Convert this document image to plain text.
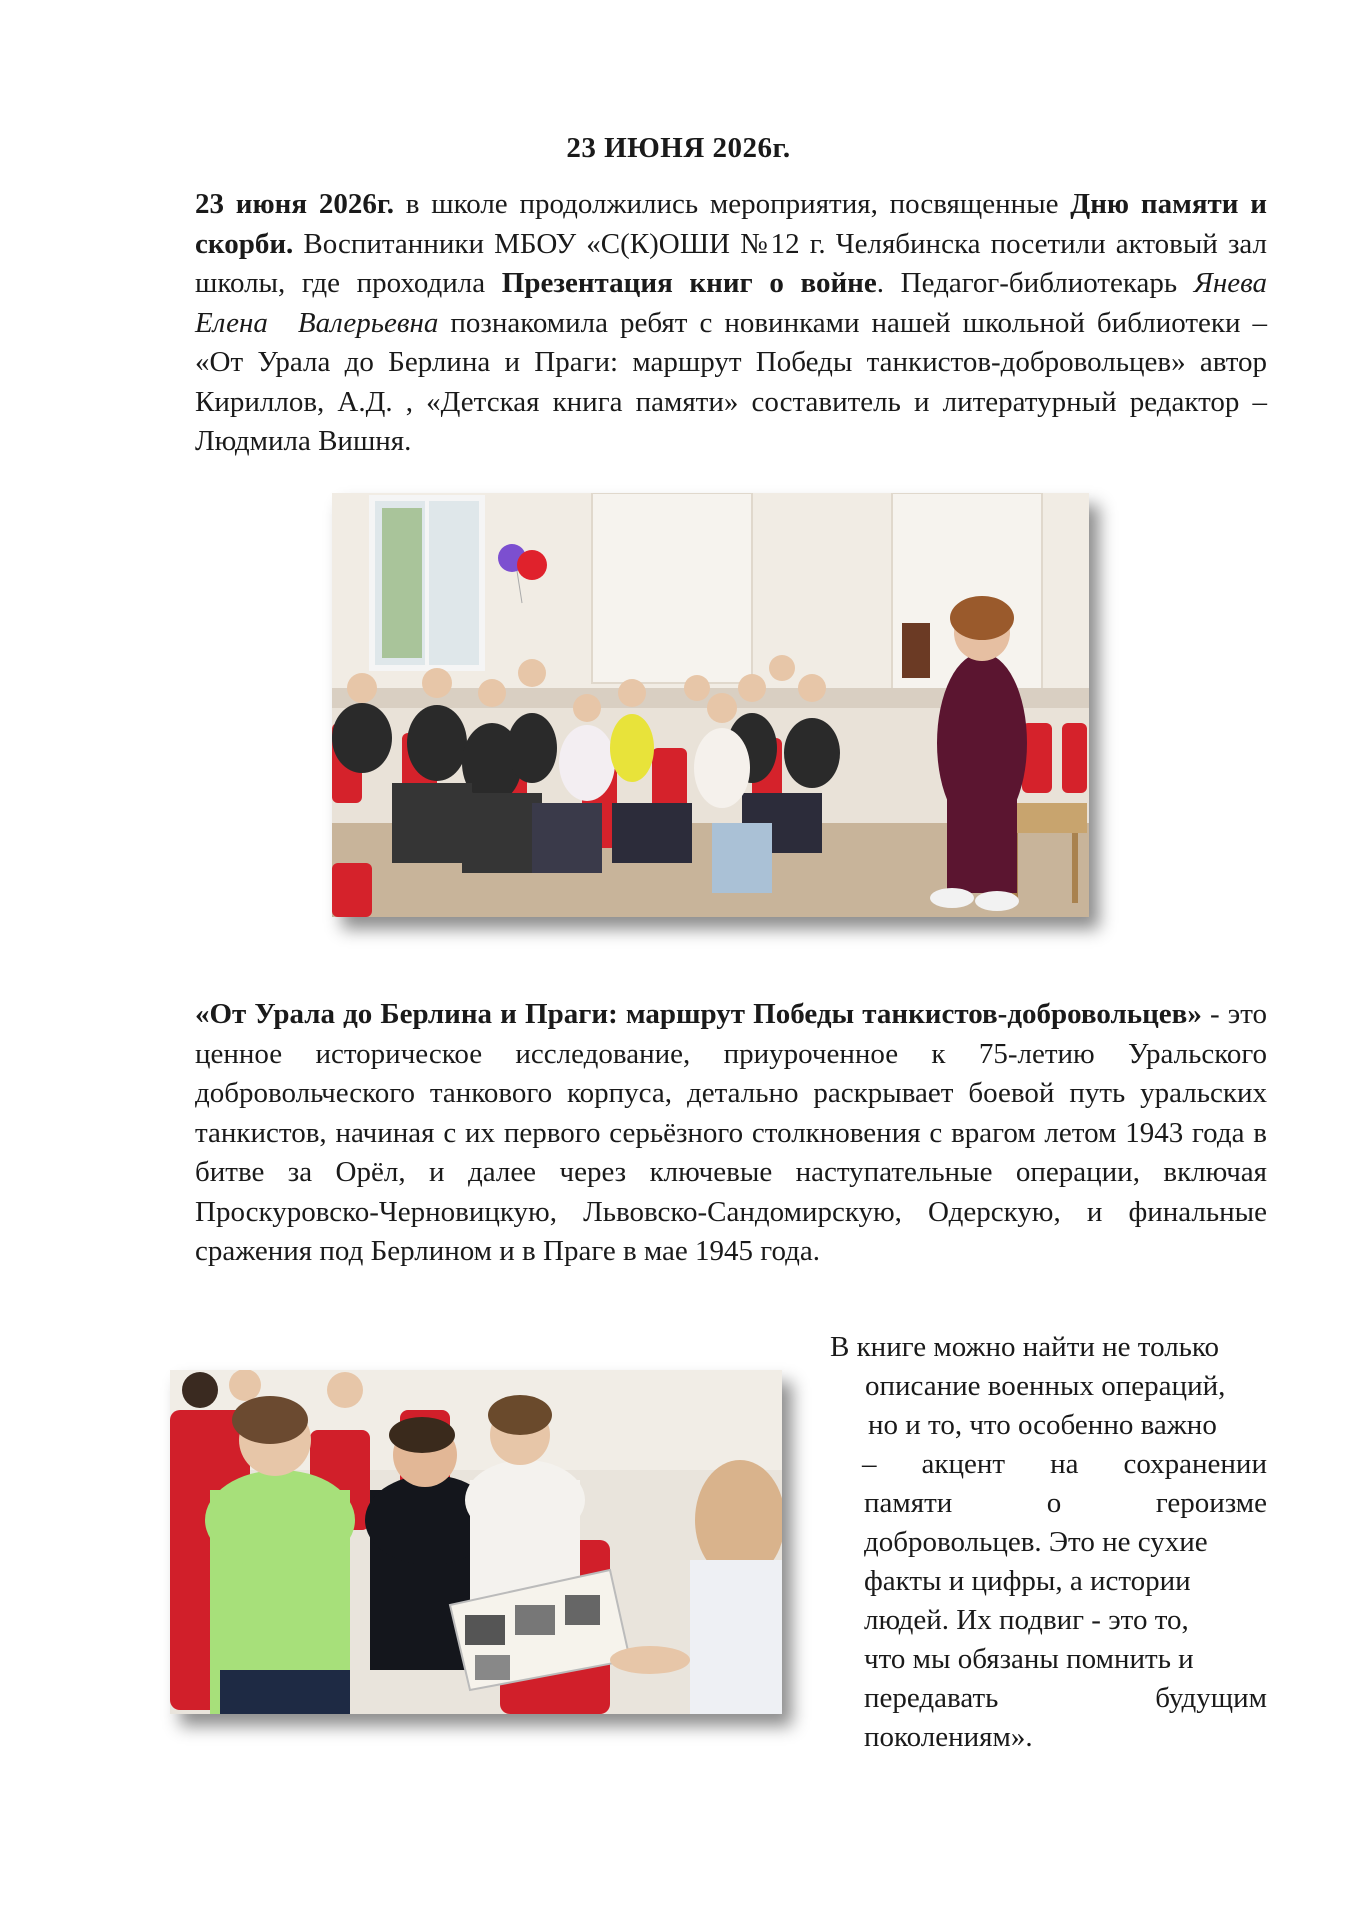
23 ИЮНЯ 2026г.

23 июня 2026г. в школе продолжились мероприятия, посвященные Дню памяти и скорби. Воспитанники МБОУ «С(К)ОШИ №12 г. Челябинска посетили актовый зал школы, где проходила Презентация книг о войне. Педагог-библиотекарь Янева Елена Валерьевна познакомила ребят с новинками нашей школьной библиотеки – «От Урала до Берлина и Праги: маршрут Победы танкистов-добровольцев» автор Кириллов, А.Д. , «Детская книга памяти» составитель и литературный редактор – Людмила Вишня.

«От Урала до Берлина и Праги: маршрут Победы танкистов-добровольцев» - это ценное историческое исследование, приуроченное к 75-летию Уральского добровольческого танкового корпуса, детально раскрывает боевой путь уральских танкистов, начиная с их первого серьёзного столкновения с врагом летом 1943 года в битве за Орёл, и далее через ключевые наступательные операции, включая Проскуровско-Черновицкую, Львовско-Сандомирскую, Одерскую, и финальные сражения под Берлином и в Праге в мае 1945 года.

В книге можно найти не только
описание военных операций,
но и то, что особенно важно
– акцент на сохранении
памяти	о	героизме
добровольцев. Это не сухие
факты и цифры, а истории
людей. Их подвиг - это то,
что мы обязаны помнить и
передавать	будущим
поколениям».
